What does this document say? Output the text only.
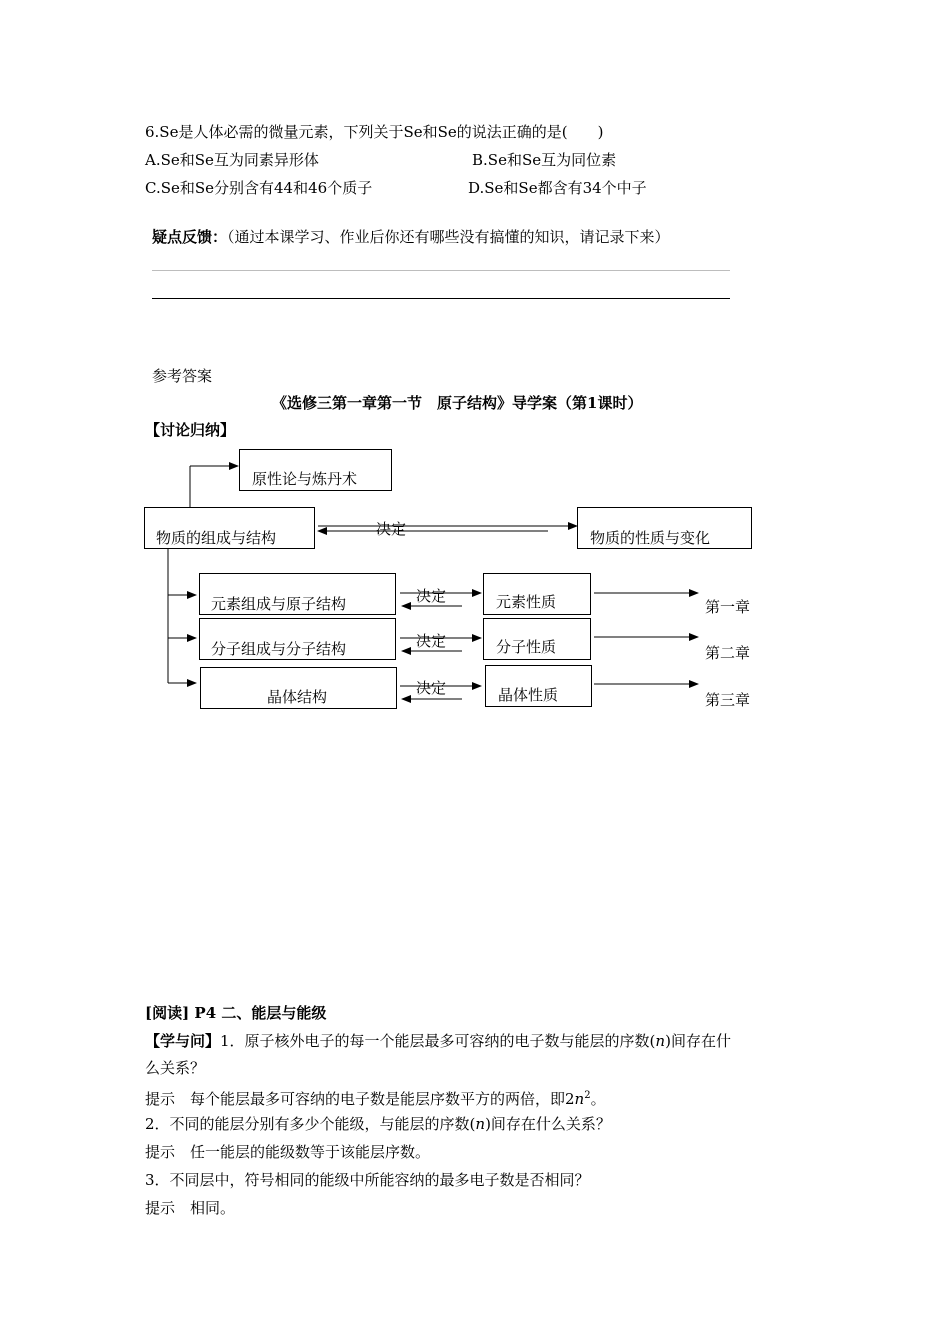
6.Se是人体必需的微量元素，下列关于Se和Se的说法正确的是(　　)
A.Se和Se互为同素异形体	B.Se和Se互为同位素
C.Se和Se分别含有44和46个质子	D.Se和Se都含有34个中子
疑点反馈：（通过本课学习、作业后你还有哪些没有搞懂的知识，请记录下来）
参考答案
《选修三第一章第一节　原子结构》导学案（第1课时）
【讨论归纳】
原性论与炼丹术
物质的组成与结构	决定	物质的性质与变化
元素组成与原子结构	决定	元素性质	第一章
分子组成与分子结构	决定	分子性质	第二章
晶体结构	决定	晶体性质	第三章
[阅读] P4 二、能层与能级
【学与问】1．原子核外电子的每一个能层最多可容纳的电子数与能层的序数(n)间存在什
么关系？
提示　每个能层最多可容纳的电子数是能层序数平方的两倍，即$2n^2$。
2．不同的能层分别有多少个能级，与能层的序数(n)间存在什么关系？
提示　任一能层的能级数等于该能层序数。
3．不同层中，符号相同的能级中所能容纳的最多电子数是否相同？
提示　相同。
